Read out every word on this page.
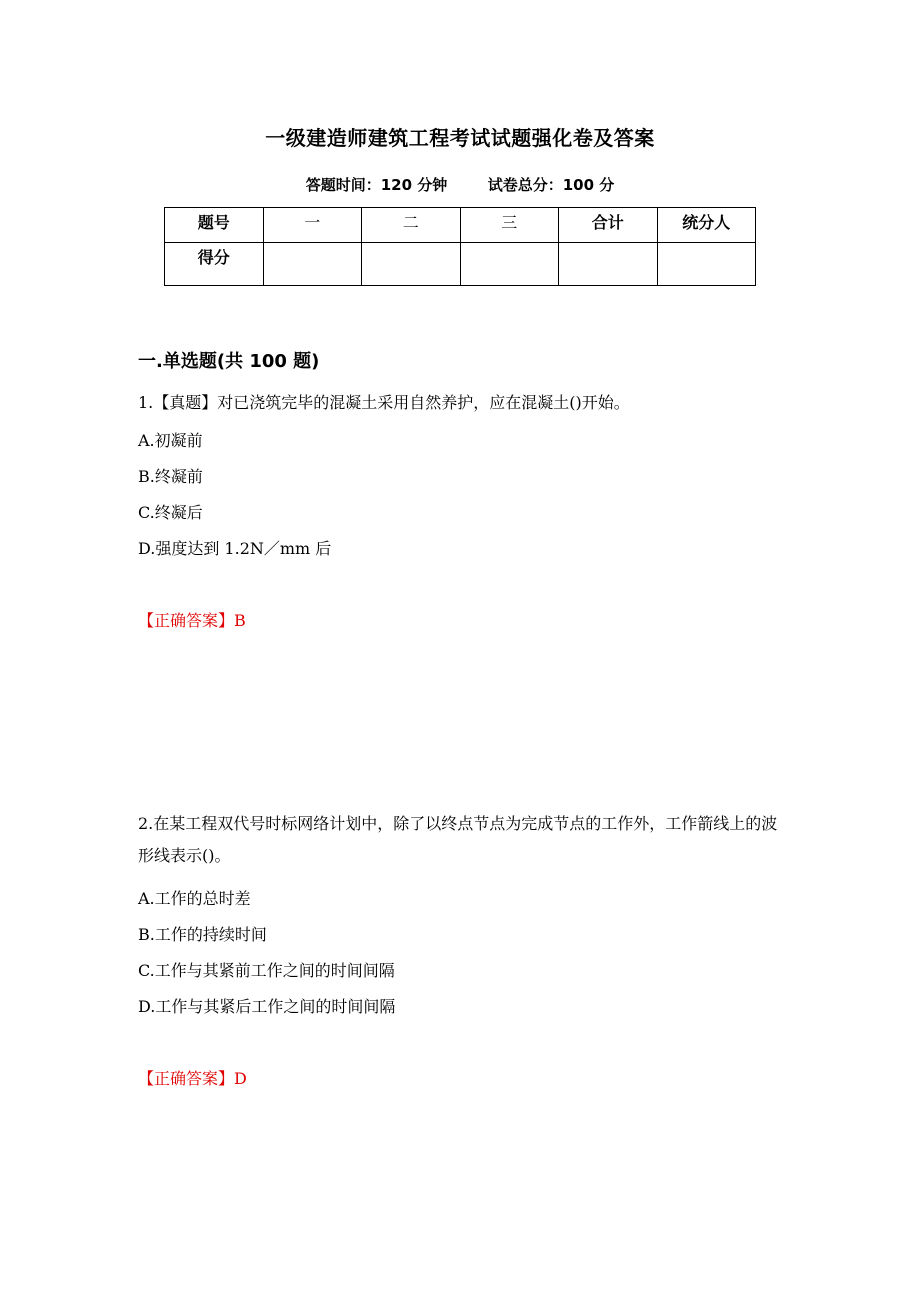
一级建造师建筑工程考试试题强化卷及答案
答题时间：120 分钟	试卷总分：100 分
题号	一	二	三	合计	统分人
得分					
一.单选题(共 100 题)
1.【真题】对已浇筑完毕的混凝土采用自然养护，应在混凝土()开始。
A.初凝前
B.终凝前
C.终凝后
D.强度达到 1.2N／mm 后
【正确答案】B
2.在某工程双代号时标网络计划中，除了以终点节点为完成节点的工作外，工作箭线上的波形线表示()。
A.工作的总时差
B.工作的持续时间
C.工作与其紧前工作之间的时间间隔
D.工作与其紧后工作之间的时间间隔
【正确答案】D
